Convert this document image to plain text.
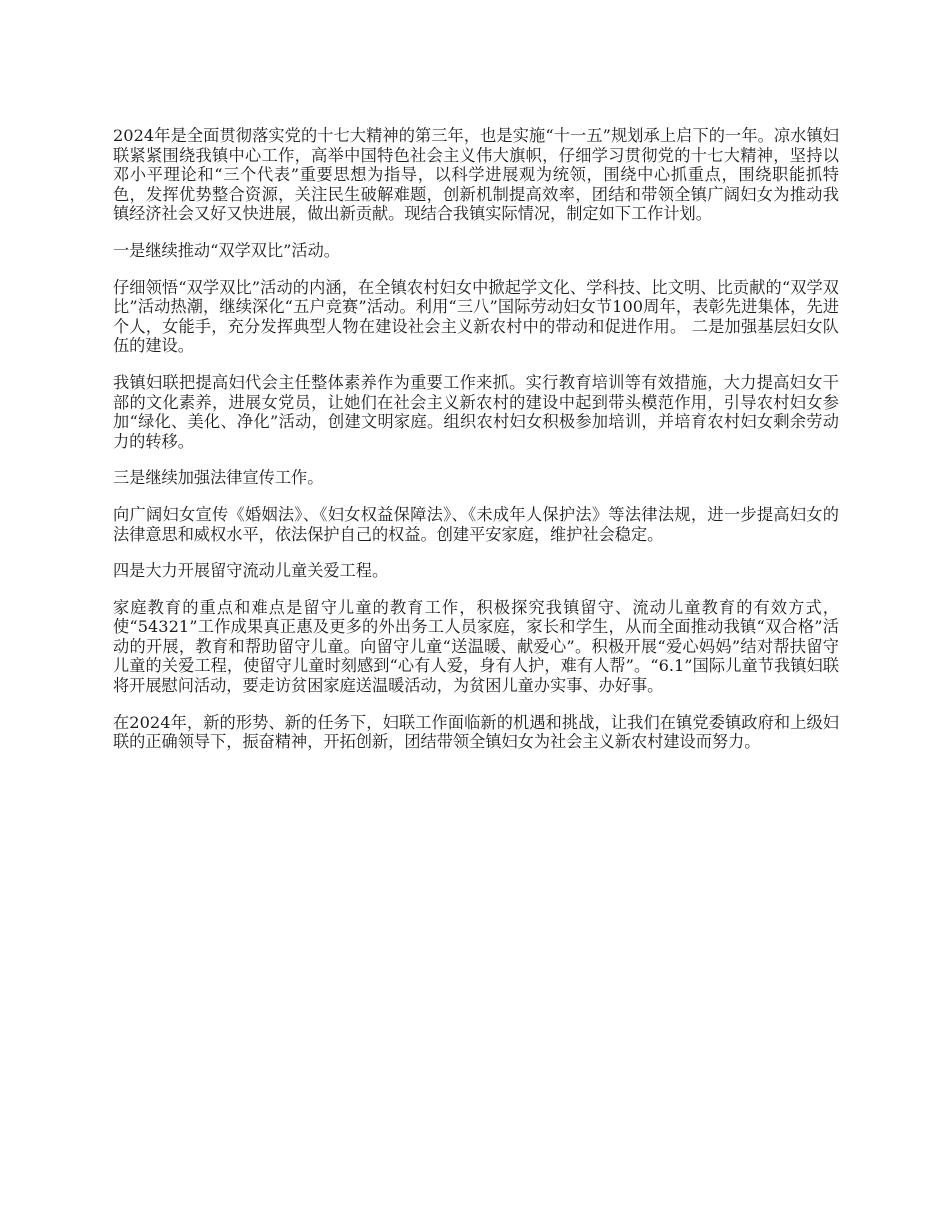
2024年是全面贯彻落实党的十七大精神的第三年，也是实施“十一五”规划承上启下的一年。凉水镇妇联紧紧围绕我镇中心工作，高举中国特色社会主义伟大旗帜，仔细学习贯彻党的十七大精神，坚持以邓小平理论和“三个代表”重要思想为指导，以科学进展观为统领，围绕中心抓重点，围绕职能抓特色，发挥优势整合资源，关注民生破解难题，创新机制提高效率，团结和带领全镇广阔妇女为推动我镇经济社会又好又快进展，做出新贡献。现结合我镇实际情况，制定如下工作计划。

一是继续推动“双学双比”活动。

仔细领悟“双学双比”活动的内涵，在全镇农村妇女中掀起学文化、学科技、比文明、比贡献的“双学双比”活动热潮，继续深化“五户竞赛”活动。利用“三八”国际劳动妇女节100周年，表彰先进集体，先进个人，女能手，充分发挥典型人物在建设社会主义新农村中的带动和促进作用。 二是加强基层妇女队伍的建设。

我镇妇联把提高妇代会主任整体素养作为重要工作来抓。实行教育培训等有效措施，大力提高妇女干部的文化素养，进展女党员，让她们在社会主义新农村的建设中起到带头模范作用，引导农村妇女参加“绿化、美化、净化”活动，创建文明家庭。组织农村妇女积极参加培训，并培育农村妇女剩余劳动力的转移。

三是继续加强法律宣传工作。

向广阔妇女宣传《婚姻法》、《妇女权益保障法》、《未成年人保护法》等法律法规，进一步提高妇女的法律意思和威权水平，依法保护自己的权益。创建平安家庭，维护社会稳定。

四是大力开展留守流动儿童关爱工程。

家庭教育的重点和难点是留守儿童的教育工作，积极探究我镇留守、流动儿童教育的有效方式，使“54321”工作成果真正惠及更多的外出务工人员家庭，家长和学生，从而全面推动我镇“双合格”活动的开展，教育和帮助留守儿童。向留守儿童“送温暖、献爱心”。积极开展“爱心妈妈”结对帮扶留守儿童的关爱工程，使留守儿童时刻感到“心有人爱，身有人护，难有人帮”。“6.1”国际儿童节我镇妇联将开展慰问活动，要走访贫困家庭送温暖活动，为贫困儿童办实事、办好事。

在2024年，新的形势、新的任务下，妇联工作面临新的机遇和挑战，让我们在镇党委镇政府和上级妇联的正确领导下，振奋精神，开拓创新，团结带领全镇妇女为社会主义新农村建设而努力。
